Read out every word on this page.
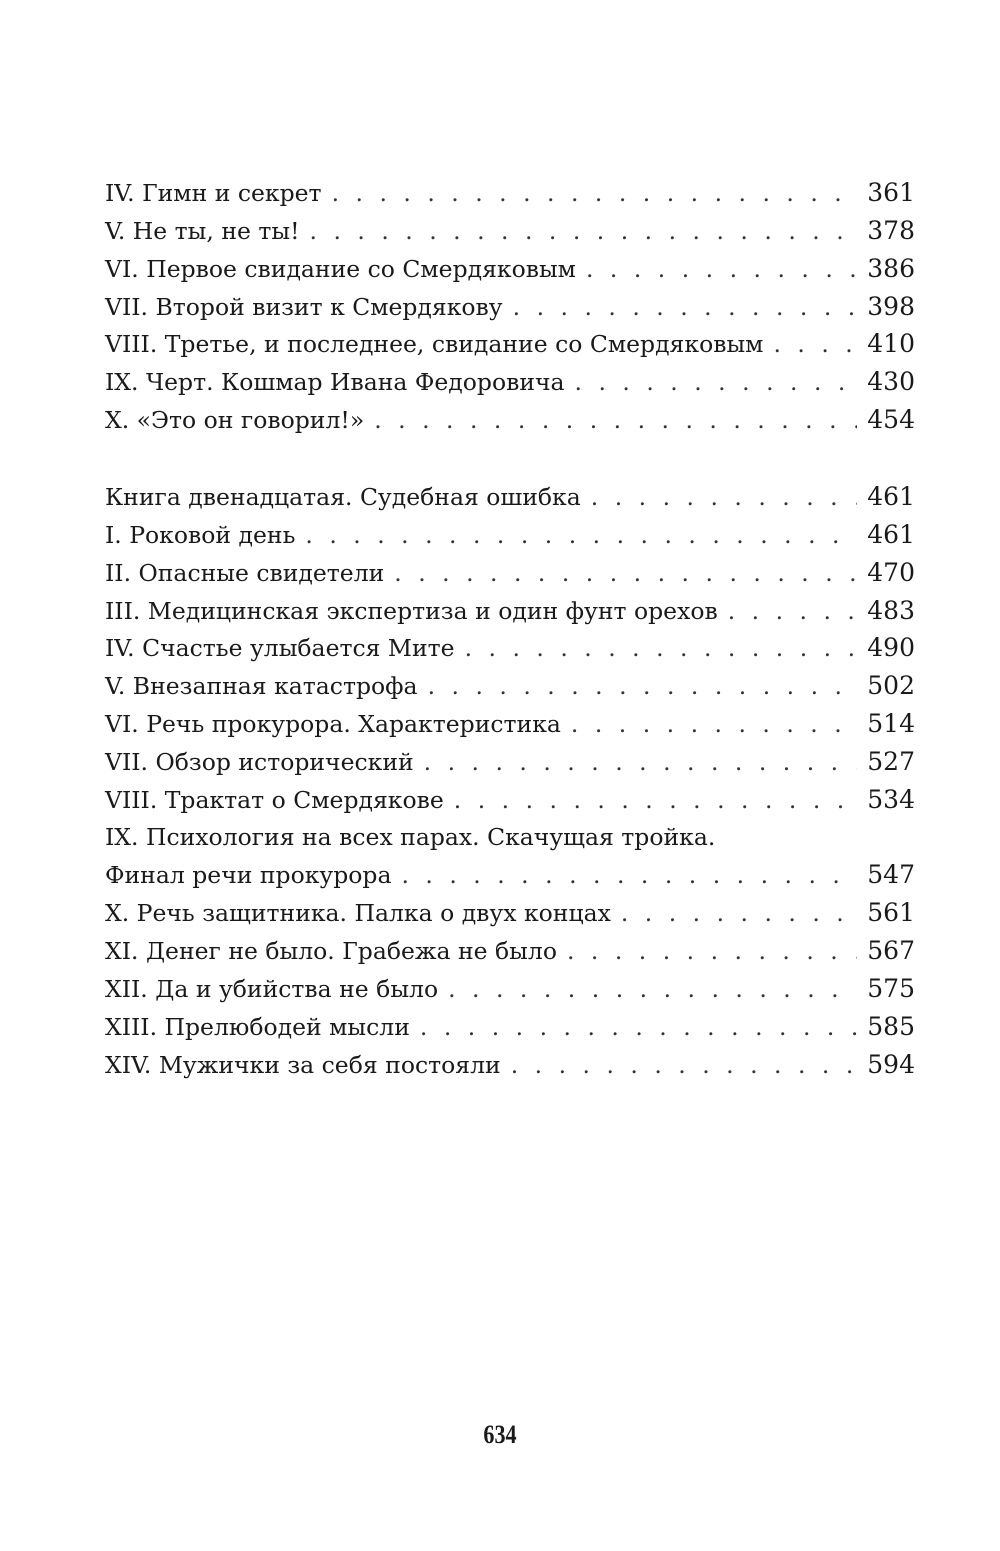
IV. Гимн и секрет . . .	361
V. Не ты, не ты! . . .	378
VI. Первое свидание со Смердяковым . . .	386
VII. Второй визит к Смердякову . . .	398
VIII. Третье, и последнее, свидание со Смердяковым . . .	410
IX. Черт. Кошмар Ивана Федоровича . . .	430
X. «Это он говорил!» . . .	454
Книга двенадцатая. Судебная ошибка . . .	461
I. Роковой день . . .	461
II. Опасные свидетели . . .	470
III. Медицинская экспертиза и один фунт орехов . . .	483
IV. Счастье улыбается Мите . . .	490
V. Внезапная катастрофа . . .	502
VI. Речь прокурора. Характеристика . . .	514
VII. Обзор исторический . . .	527
VIII. Трактат о Смердякове . . .	534
IX. Психология на всех парах. Скачущая тройка.
Финал речи прокурора . . .	547
X. Речь защитника. Палка о двух концах . . .	561
XI. Денег не было. Грабежа не было . . .	567
XII. Да и убийства не было . . .	575
XIII. Прелюбодей мысли . . .	585
XIV. Мужички за себя постояли . . .	594
634
